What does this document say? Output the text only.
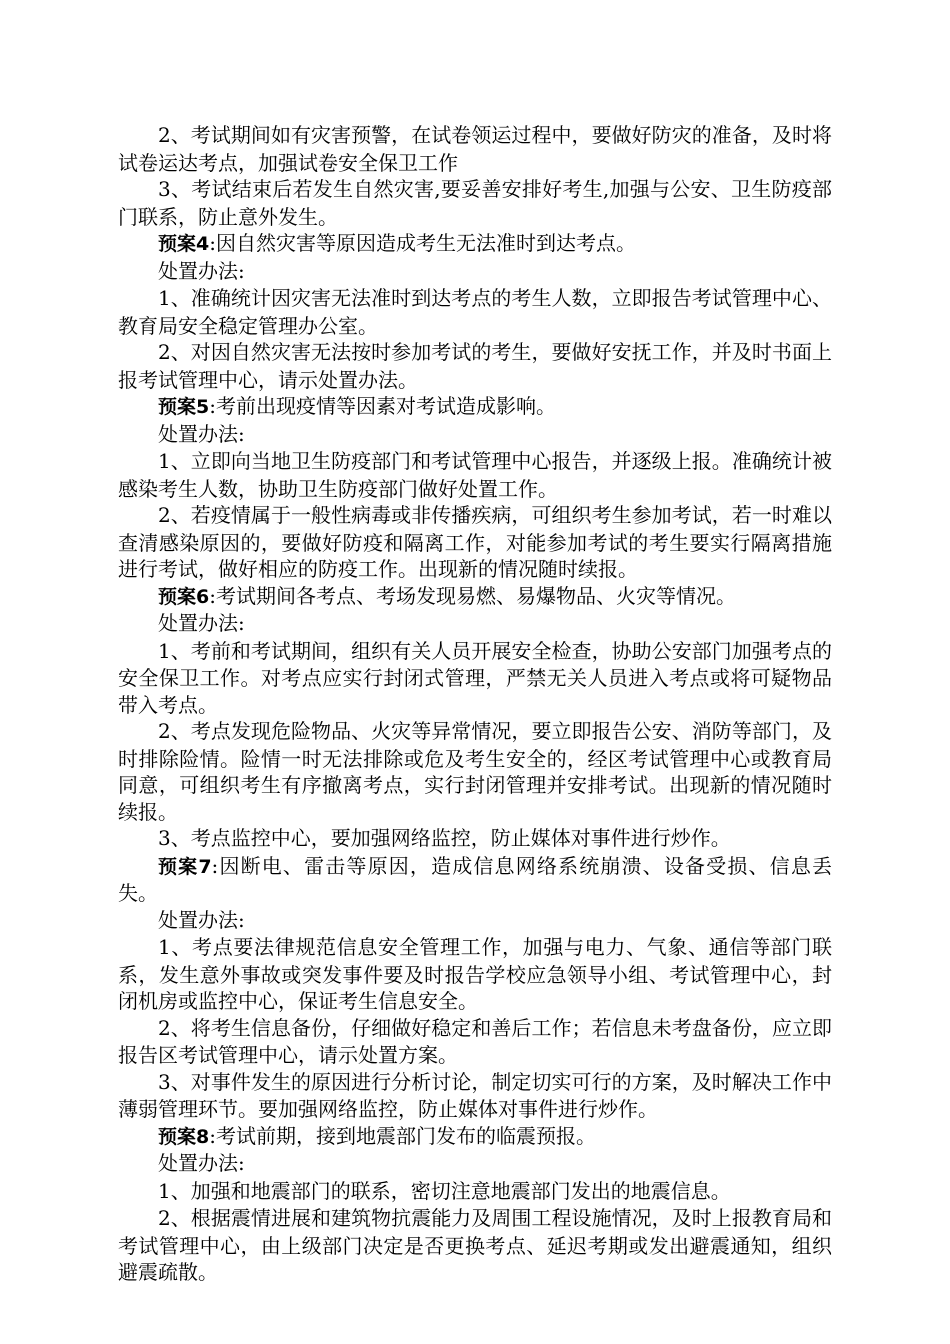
2、考试期间如有灾害预警，在试卷领运过程中，要做好防灾的准备，及时将试卷运达考点，加强试卷安全保卫工作

3、考试结束后若发生自然灾害,要妥善安排好考生,加强与公安、卫生防疫部门联系，防止意外发生。

预案4:因自然灾害等原因造成考生无法准时到达考点。

处置办法:

1、准确统计因灾害无法准时到达考点的考生人数，立即报告考试管理中心、教育局安全稳定管理办公室。

2、对因自然灾害无法按时参加考试的考生，要做好安抚工作，并及时书面上报考试管理中心，请示处置办法。

预案5:考前出现疫情等因素对考试造成影响。

处置办法:

1、立即向当地卫生防疫部门和考试管理中心报告，并逐级上报。准确统计被感染考生人数，协助卫生防疫部门做好处置工作。

2、若疫情属于一般性病毒或非传播疾病，可组织考生参加考试，若一时难以查清感染原因的，要做好防疫和隔离工作，对能参加考试的考生要实行隔离措施进行考试，做好相应的防疫工作。出现新的情况随时续报。

预案6:考试期间各考点、考场发现易燃、易爆物品、火灾等情况。

处置办法:

1、考前和考试期间，组织有关人员开展安全检查，协助公安部门加强考点的安全保卫工作。对考点应实行封闭式管理，严禁无关人员进入考点或将可疑物品带入考点。

2、考点发现危险物品、火灾等异常情况，要立即报告公安、消防等部门，及时排除险情。险情一时无法排除或危及考生安全的，经区考试管理中心或教育局同意，可组织考生有序撤离考点，实行封闭管理并安排考试。出现新的情况随时续报。

3、考点监控中心，要加强网络监控，防止媒体对事件进行炒作。

预案7:因断电、雷击等原因，造成信息网络系统崩溃、设备受损、信息丢失。

处置办法:

1、考点要法律规范信息安全管理工作，加强与电力、气象、通信等部门联系，发生意外事故或突发事件要及时报告学校应急领导小组、考试管理中心，封闭机房或监控中心，保证考生信息安全。

2、将考生信息备份，仔细做好稳定和善后工作；若信息未考盘备份，应立即报告区考试管理中心，请示处置方案。

3、对事件发生的原因进行分析讨论，制定切实可行的方案，及时解决工作中薄弱管理环节。要加强网络监控，防止媒体对事件进行炒作。

预案8:考试前期，接到地震部门发布的临震预报。

处置办法:

1、加强和地震部门的联系，密切注意地震部门发出的地震信息。

2、根据震情进展和建筑物抗震能力及周围工程设施情况，及时上报教育局和考试管理中心，由上级部门决定是否更换考点、延迟考期或发出避震通知，组织避震疏散。
